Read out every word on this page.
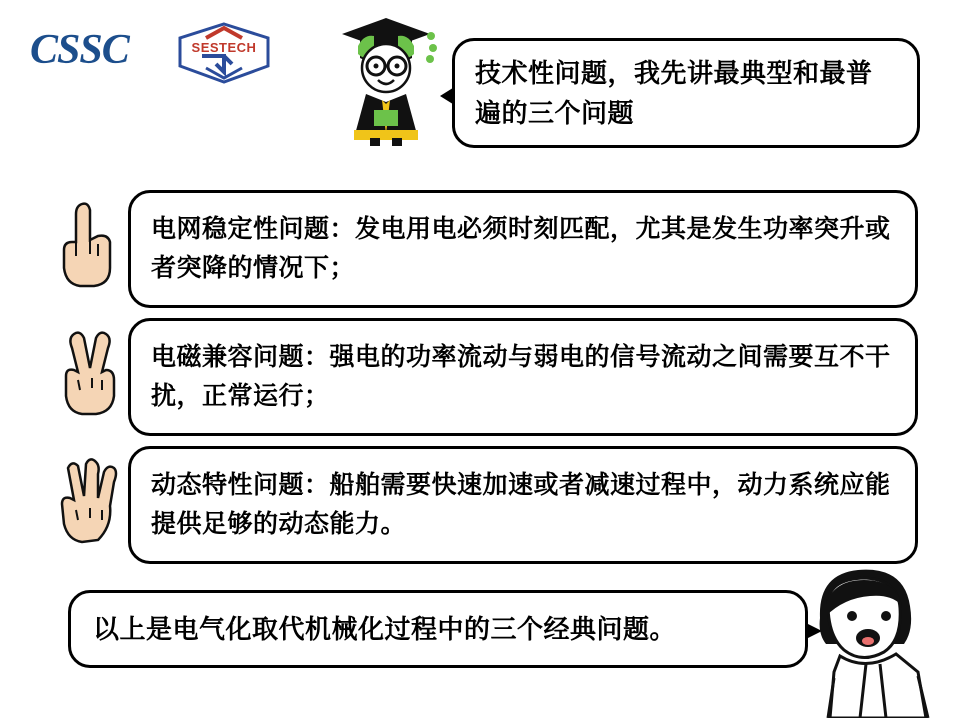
CSSC	SESTECH

技术性问题，我先讲最典型和最普遍的三个问题

电网稳定性问题：发电用电必须时刻匹配，尤其是发生功率突升或者突降的情况下；

电磁兼容问题：强电的功率流动与弱电的信号流动之间需要互不干扰，正常运行；

动态特性问题：船舶需要快速加速或者减速过程中，动力系统应能提供足够的动态能力。

以上是电气化取代机械化过程中的三个经典问题。
